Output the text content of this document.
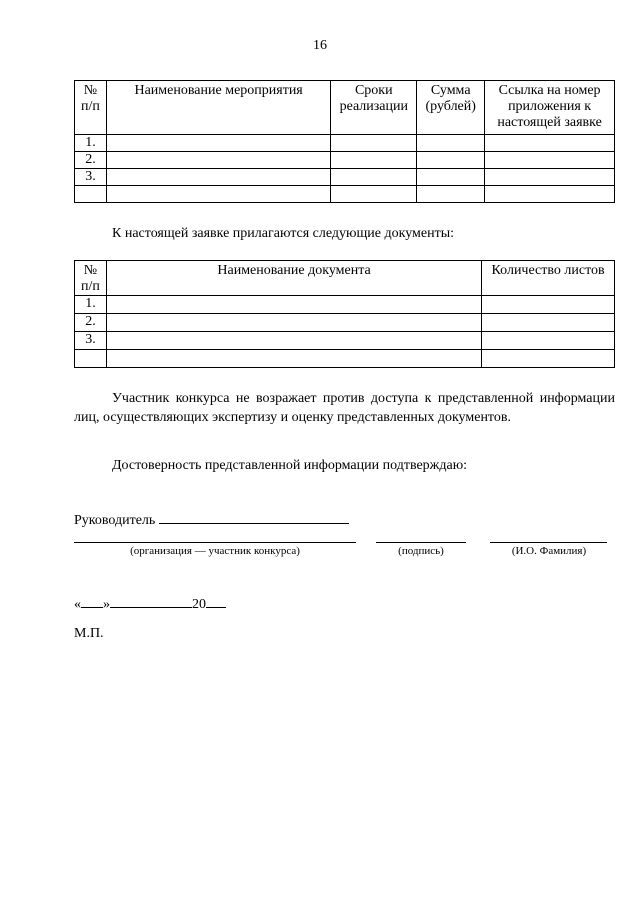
16
№ п/п	Наименование мероприятия	Сроки реализации	Сумма (рублей)	Ссылка на номер приложения к настоящей заявке
1.				
2.				
3.				

К настоящей заявке прилагаются следующие документы:
№ п/п	Наименование документа	Количество листов
1.		
2.		
3.		

Участник конкурса не возражает против доступа к представленной информации лиц, осуществляющих экспертизу и оценку представленных документов.
Достоверность представленной информации подтверждаю:
Руководитель
(организация — участник конкурса)	(подпись)	(И.О. Фамилия)
« »	20
М.П.
